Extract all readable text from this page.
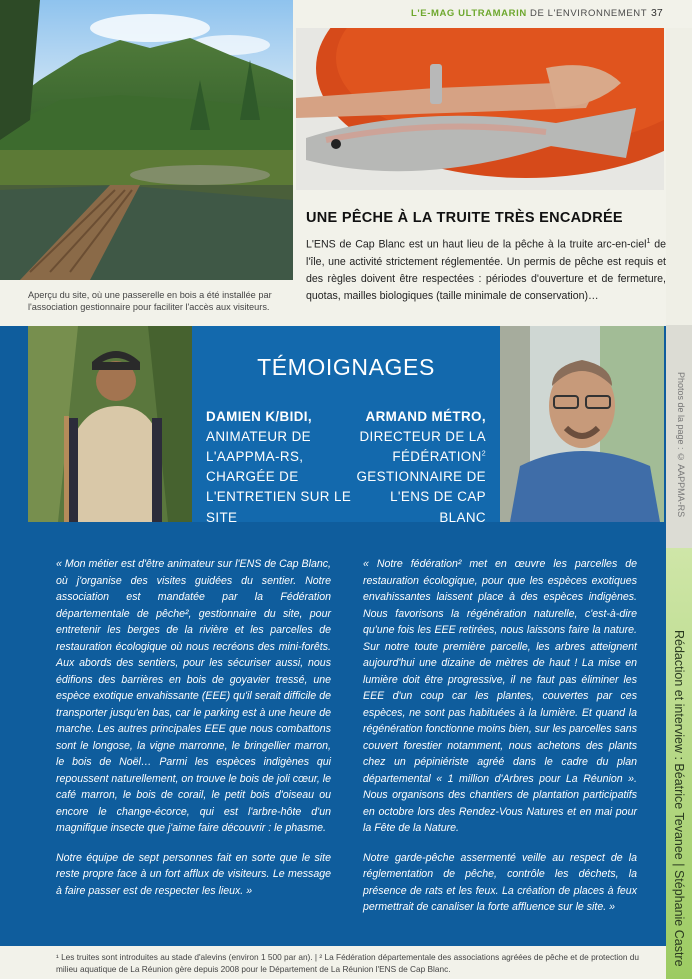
L'E-MAG ULTRAMARIN DE L'ENVIRONNEMENT 37
Aperçu du site, où une passerelle en bois a été installée par l'association gestionnaire pour faciliter l'accès aux visiteurs.
UNE PÊCHE À LA TRUITE TRÈS ENCADRÉE
L'ENS de Cap Blanc est un haut lieu de la pêche à la truite arc-en-ciel$^1$ de l'île, une activité strictement réglementée. Un permis de pêche est requis et des règles doivent être respectées : périodes d'ouverture et de fermeture, quotas, mailles biologiques (taille minimale de conservation)…
TÉMOIGNAGES
DAMIEN K/BIDI,
ANIMATEUR DE L'AAPPMA-RS, CHARGÉE DE L'ENTRETIEN SUR LE SITE
ARMAND MÉTRO,
DIRECTEUR DE LA FÉDÉRATION$^2$ GESTIONNAIRE DE L'ENS DE CAP BLANC

« Mon métier est d'être animateur sur l'ENS de Cap Blanc, où j'organise des visites guidées du sentier. Notre association est mandatée par la Fédération départementale de pêche², gestionnaire du site, pour entretenir les berges de la rivière et les parcelles de restauration écologique où nous recréons des mini-forêts. Aux abords des sentiers, pour les sécuriser aussi, nous édifions des barrières en bois de goyavier tressé, une espèce exotique envahissante (EEE) qu'il serait difficile de transporter jusqu'en bas, car le parking est à une heure de marche. Les autres principales EEE que nous combattons sont le longose, la vigne marronne, le bringellier marron, le bois de Noël… Parmi les espèces indigènes qui repoussent naturellement, on trouve le bois de joli cœur, le café marron, le bois de corail, le petit bois d'oiseau ou encore le change-écorce, qui est l'arbre-hôte d'un magnifique insecte que j'aime faire découvrir : le phasme.

Notre équipe de sept personnes fait en sorte que le site reste propre face à un fort afflux de visiteurs. Le message à faire passer est de respecter les lieux. »

« Notre fédération² met en œuvre les parcelles de restauration écologique, pour que les espèces exotiques envahissantes laissent place à des espèces indigènes. Nous favorisons la régénération naturelle, c'est-à-dire qu'une fois les EEE retirées, nous laissons faire la nature. Sur notre toute première parcelle, les arbres atteignent aujourd'hui une dizaine de mètres de haut ! La mise en lumière doit être progressive, il ne faut pas éliminer les EEE d'un coup car les plantes, couvertes par ces espèces, ne sont pas habituées à la lumière. Et quand la régénération fonctionne moins bien, sur les parcelles sans couvert forestier notamment, nous achetons des plants chez un pépiniériste agréé dans le cadre du plan départemental « 1 million d'Arbres pour La Réunion ». Nous organisons des chantiers de plantation participatifs en octobre lors des Rendez-Vous Natures et en mai pour la Fête de la Nature.

Notre garde-pêche assermenté veille au respect de la réglementation de pêche, contrôle les déchets, la présence de rats et les feux. La création de places à feux permettrait de canaliser la forte affluence sur le site. »

Photos de la page : © AAPPMA-RS
Rédaction et interview : Béatrice Tevanee | Stéphanie Castre
¹ Les truites sont introduites au stade d'alevins (environ 1 500 par an). | ² La Fédération départementale des associations agréées de pêche et de protection du milieu aquatique de La Réunion gère depuis 2008 pour le Département de La Réunion l'ENS de Cap Blanc.
